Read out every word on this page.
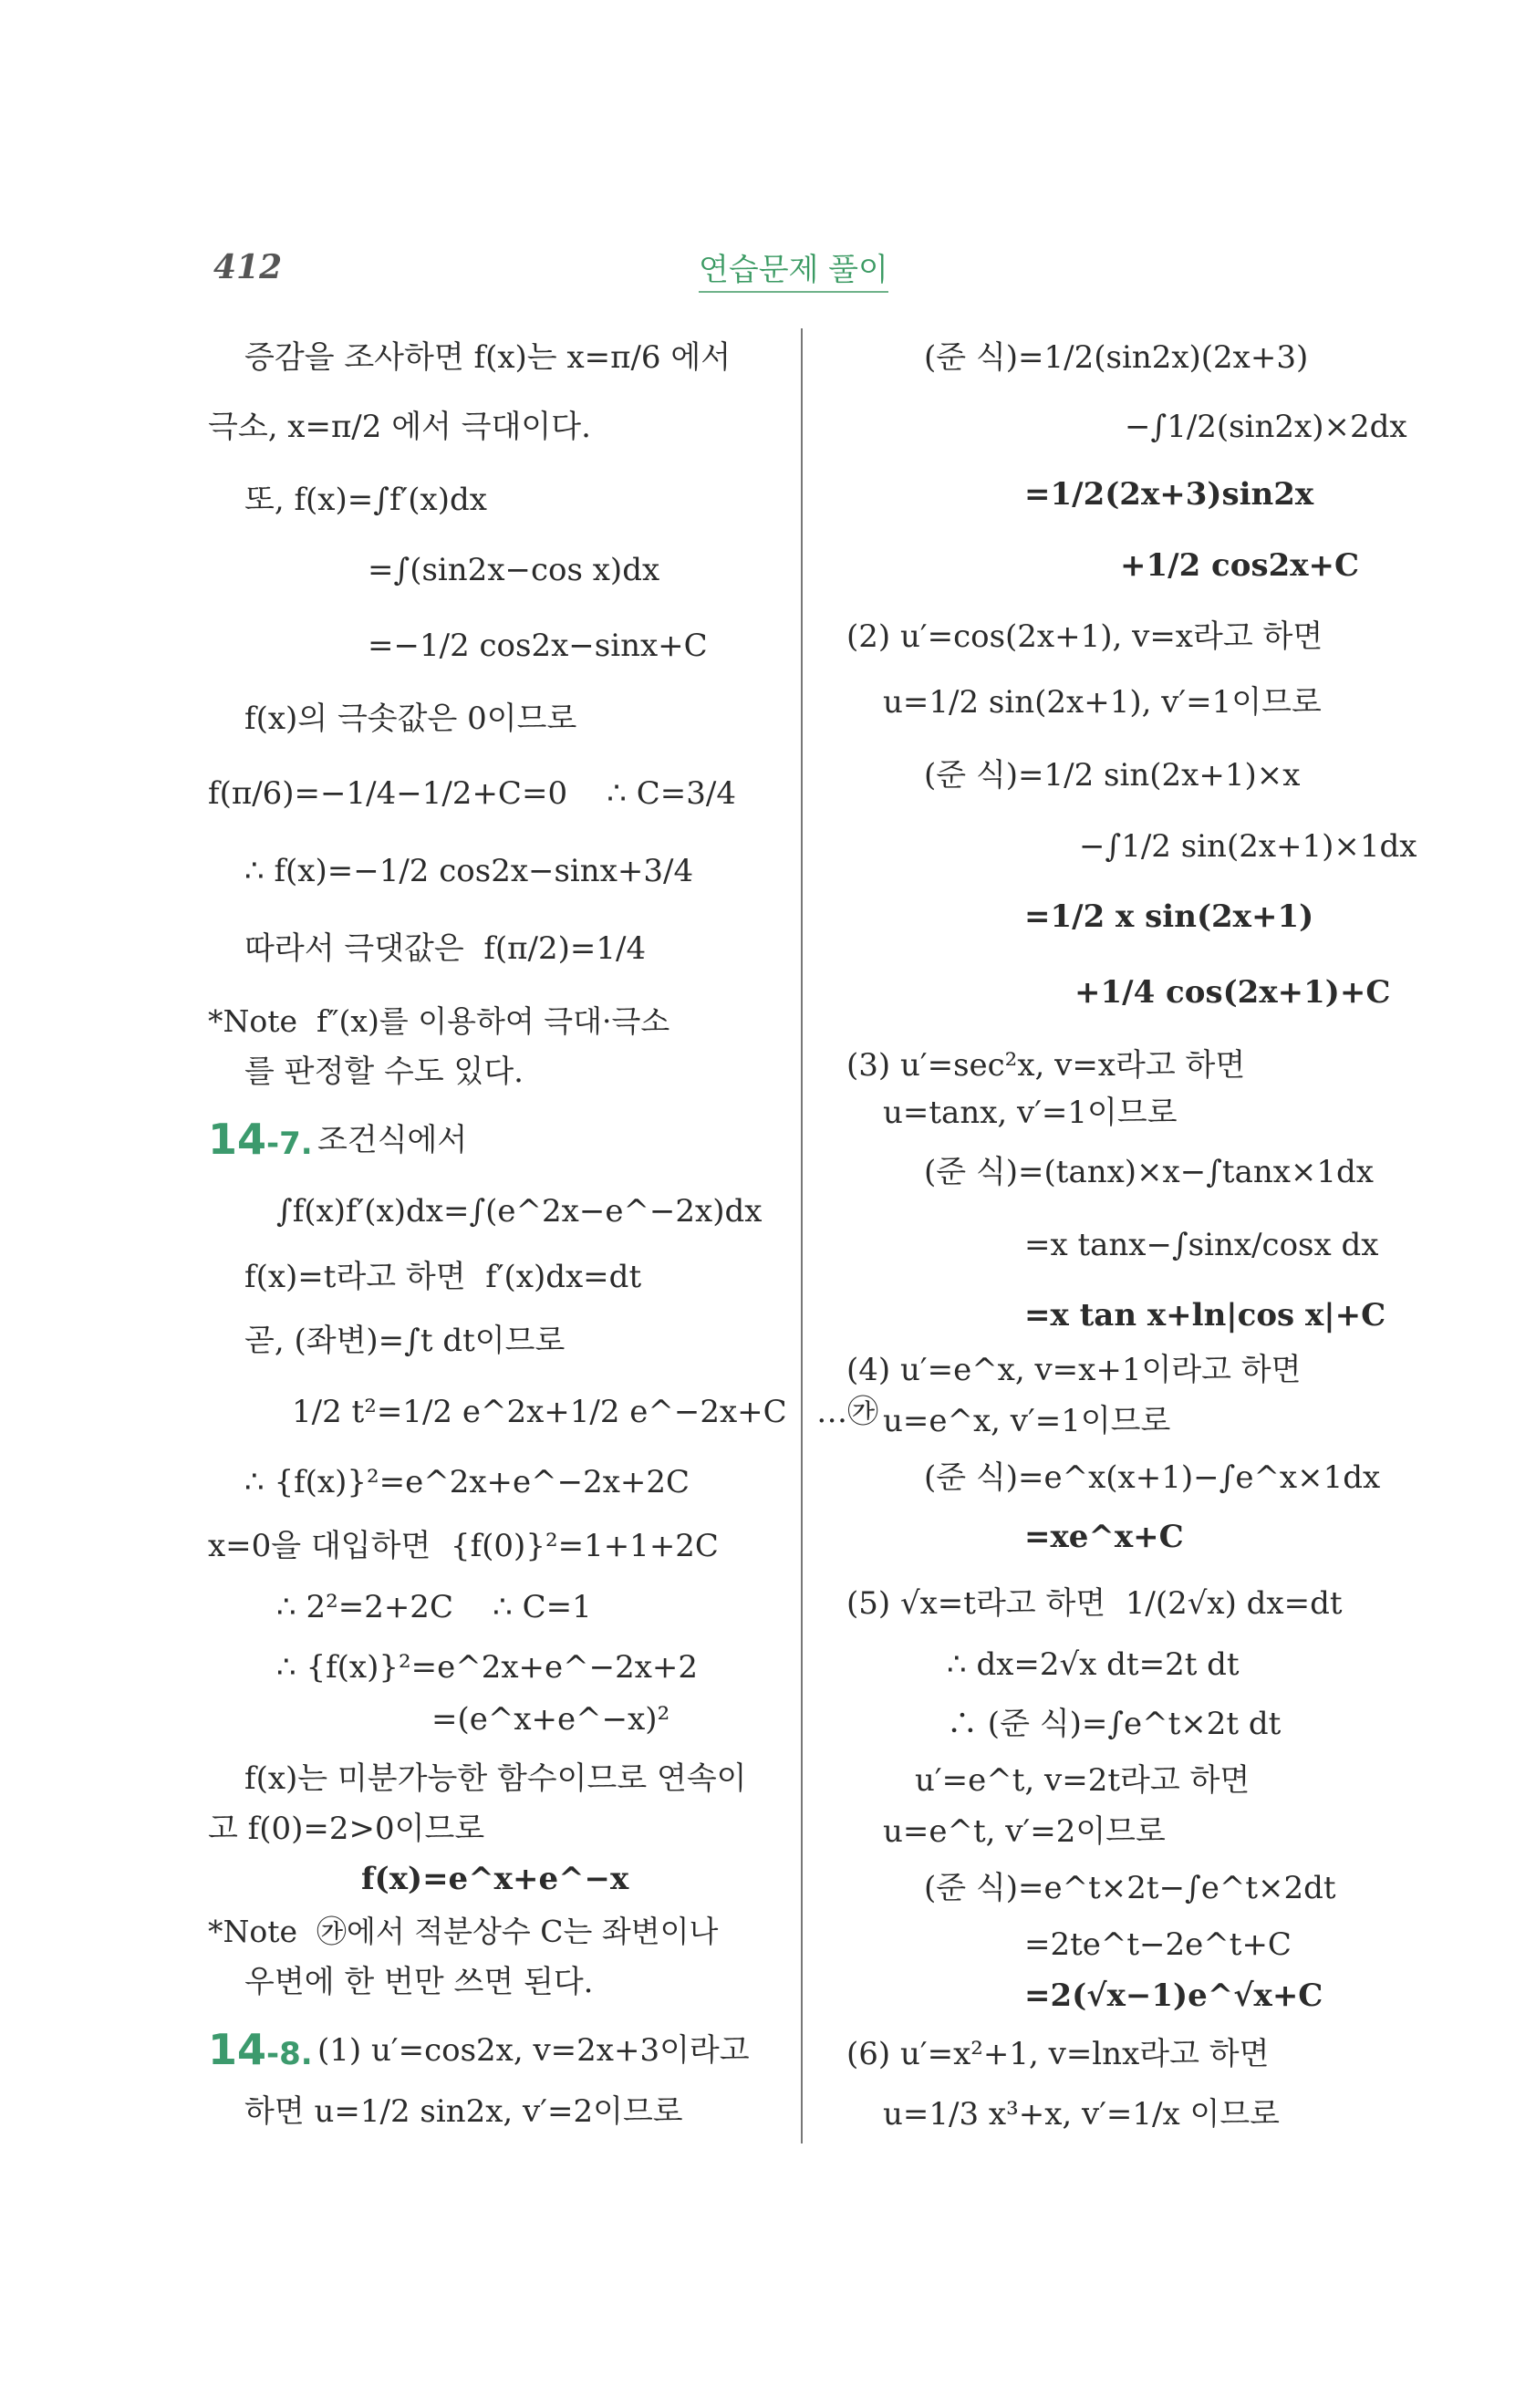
412	연습문제 풀이
증감을 조사하면 f(x)는 x=π/6 에서
극소, x=π/2 에서 극대이다.
또, f(x)=∫f′(x)dx
=∫(sin2x−cos x)dx
=−1/2 cos2x−sinx+C
f(x)의 극솟값은 0이므로
f(π/6)=−1/4−1/2+C=0    ∴ C=3/4
∴ f(x)=−1/2 cos2x−sinx+3/4
따라서 극댓값은  f(π/2)=1/4
*Note  f″(x)를 이용하여 극대·극소
를 판정할 수도 있다.
14-7. 조건식에서
∫f(x)f′(x)dx=∫(e^2x−e^−2x)dx
f(x)=t라고 하면  f′(x)dx=dt
곧, (좌변)=∫t dt이므로
1/2 t²=1/2 e^2x+1/2 e^−2x+C   …㉮
∴ {f(x)}²=e^2x+e^−2x+2C
x=0을 대입하면  {f(0)}²=1+1+2C
∴ 2²=2+2C    ∴ C=1
∴ {f(x)}²=e^2x+e^−2x+2
=(e^x+e^−x)²
f(x)는 미분가능한 함수이므로 연속이
고 f(0)=2>0이므로
f(x)=e^x+e^−x
*Note  ㉮에서 적분상수 C는 좌변이나
우변에 한 번만 쓰면 된다.
14-8. (1) u′=cos2x, v=2x+3이라고
하면 u=1/2 sin2x, v′=2이므로
(준 식)=1/2(sin2x)(2x+3)
−∫1/2(sin2x)×2dx
=1/2(2x+3)sin2x
+1/2 cos2x+C
(2) u′=cos(2x+1), v=x라고 하면
u=1/2 sin(2x+1), v′=1이므로
(준 식)=1/2 sin(2x+1)×x
−∫1/2 sin(2x+1)×1dx
=1/2 x sin(2x+1)
+1/4 cos(2x+1)+C
(3) u′=sec²x, v=x라고 하면
u=tanx, v′=1이므로
(준 식)=(tanx)×x−∫tanx×1dx
=x tanx−∫sinx/cosx dx
=x tan x+ln|cos x|+C
(4) u′=e^x, v=x+1이라고 하면
u=e^x, v′=1이므로
(준 식)=e^x(x+1)−∫e^x×1dx
=xe^x+C
(5) √x=t라고 하면  1/(2√x) dx=dt
∴ dx=2√x dt=2t dt
∴ (준 식)=∫e^t×2t dt
u′=e^t, v=2t라고 하면
u=e^t, v′=2이므로
(준 식)=e^t×2t−∫e^t×2dt
=2te^t−2e^t+C
=2(√x−1)e^√x+C
(6) u′=x²+1, v=lnx라고 하면
u=1/3 x³+x, v′=1/x 이므로
